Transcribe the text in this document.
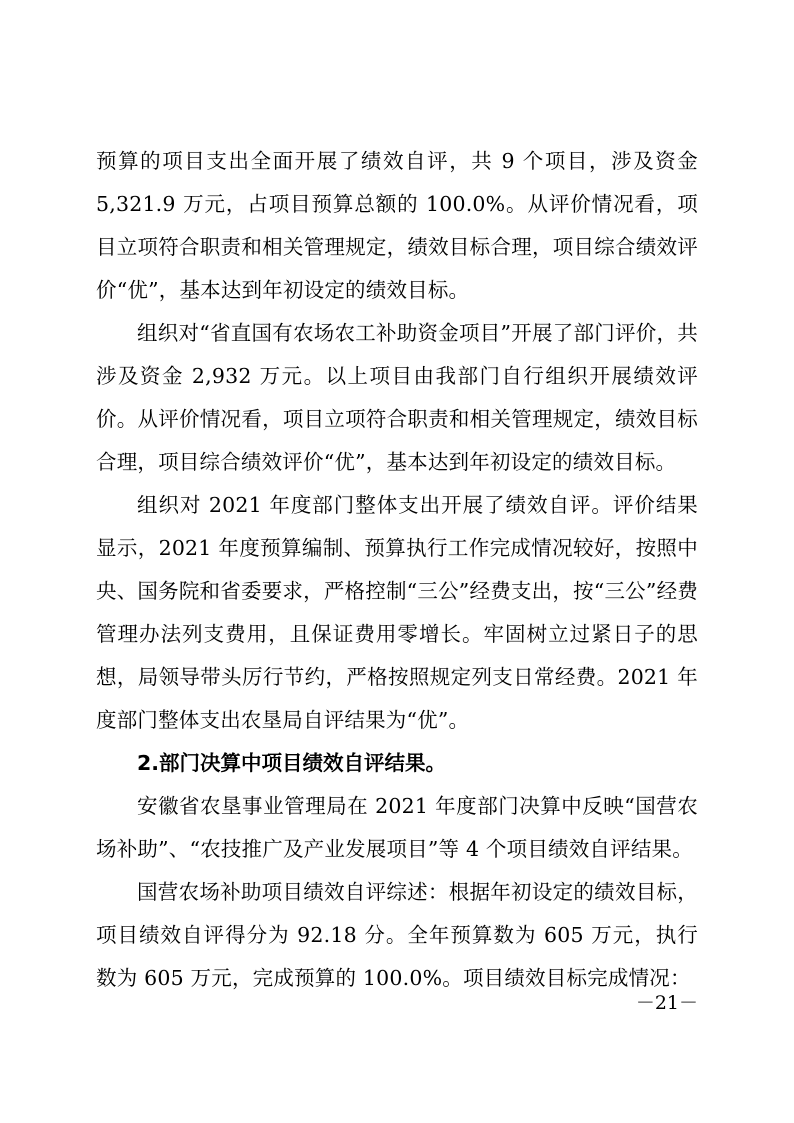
预算的项目支出全面开展了绩效自评，共 9 个项目，涉及资金 5,321.9 万元，占项目预算总额的 100.0%。从评价情况看，项目立项符合职责和相关管理规定，绩效目标合理，项目综合绩效评价“优”，基本达到年初设定的绩效目标。

组织对“省直国有农场农工补助资金项目”开展了部门评价，共涉及资金 2,932 万元。以上项目由我部门自行组织开展绩效评价。从评价情况看，项目立项符合职责和相关管理规定，绩效目标合理，项目综合绩效评价“优”，基本达到年初设定的绩效目标。

组织对 2021 年度部门整体支出开展了绩效自评。评价结果显示，2021 年度预算编制、预算执行工作完成情况较好，按照中央、国务院和省委要求，严格控制“三公”经费支出，按“三公”经费管理办法列支费用，且保证费用零增长。牢固树立过紧日子的思想，局领导带头厉行节约，严格按照规定列支日常经费。2021 年度部门整体支出农垦局自评结果为“优”。

2.部门决算中项目绩效自评结果。

安徽省农垦事业管理局在 2021 年度部门决算中反映“国营农场补助”、“农技推广及产业发展项目”等 4 个项目绩效自评结果。

国营农场补助项目绩效自评综述：根据年初设定的绩效目标，项目绩效自评得分为 92.18 分。全年预算数为 605 万元，执行数为 605 万元，完成预算的 100.0%。项目绩效目标完成情况：

－21－
